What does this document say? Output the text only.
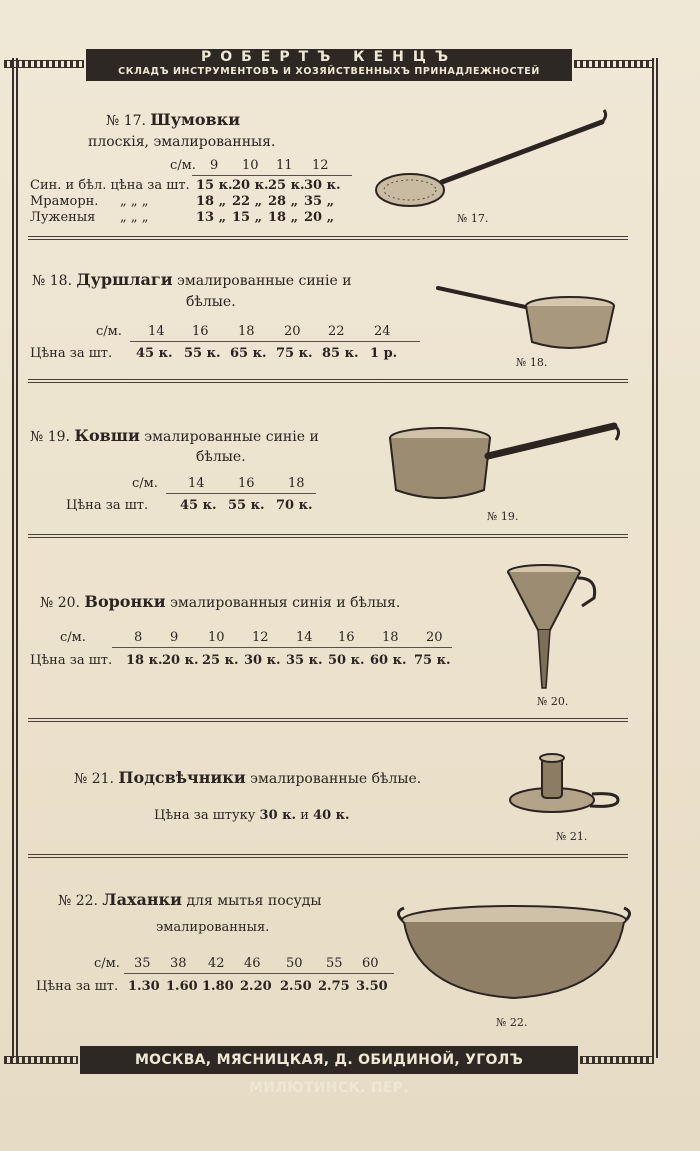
РОБЕРТЪ КЕНЦЪ
СКЛАДЪ ИНСТРУМЕНТОВЪ И ХОЗЯЙСТВЕННЫХЪ ПРИНАДЛЕЖНОСТЕЙ
№ 17. Шумовки
плоскія, эмалированныя.
с/м. 9 10 11 12
Син. и бѣл. цѣна за шт. 15 к. 20 к. 25 к. 30 к.
Мраморн. „ „ „	18 „ 22 „ 28 „ 35 „
Луженыя „ „ „	13 „ 15 „ 18 „ 20 „	№ 17.
№ 18. Дуршлаги эмалированные синіе и
бѣлые.
с/м. 14 16 18 20 22 24
Цѣна за шт. 45 к. 55 к. 65 к. 75 к. 85 к. 1 р.
№ 18.
№ 19. Ковши эмалированные синіе и
бѣлые.
с/м. 14	16	18
Цѣна за шт. 45 к. 55 к. 70 к.
№ 19.
№ 20. Воронки эмалированныя синія и бѣлыя.
с/м.	8 9 10 12 14 16 18 20
Цѣна за шт. 18 к. 20 к. 25 к. 30 к. 35 к. 50 к. 60 к. 75 к.
№ 20.
№ 21. Подсвѣчники эмалированные бѣлые.
Цѣна за штуку 30 к. и 40 к.
№ 21.
№ 22. Лаханки для мытья посуды
эмалированныя.
с/м. 35 38 42 46 50 55 60
Цѣна за шт. 1.30 1.60 1.80 2.20 2.50 2.75 3.50
№ 22.
МОСКВА, МЯСНИЦКАЯ, Д. ОБИДИНОЙ, УГОЛЪ МИЛЮТИНСК. ПЕР.
